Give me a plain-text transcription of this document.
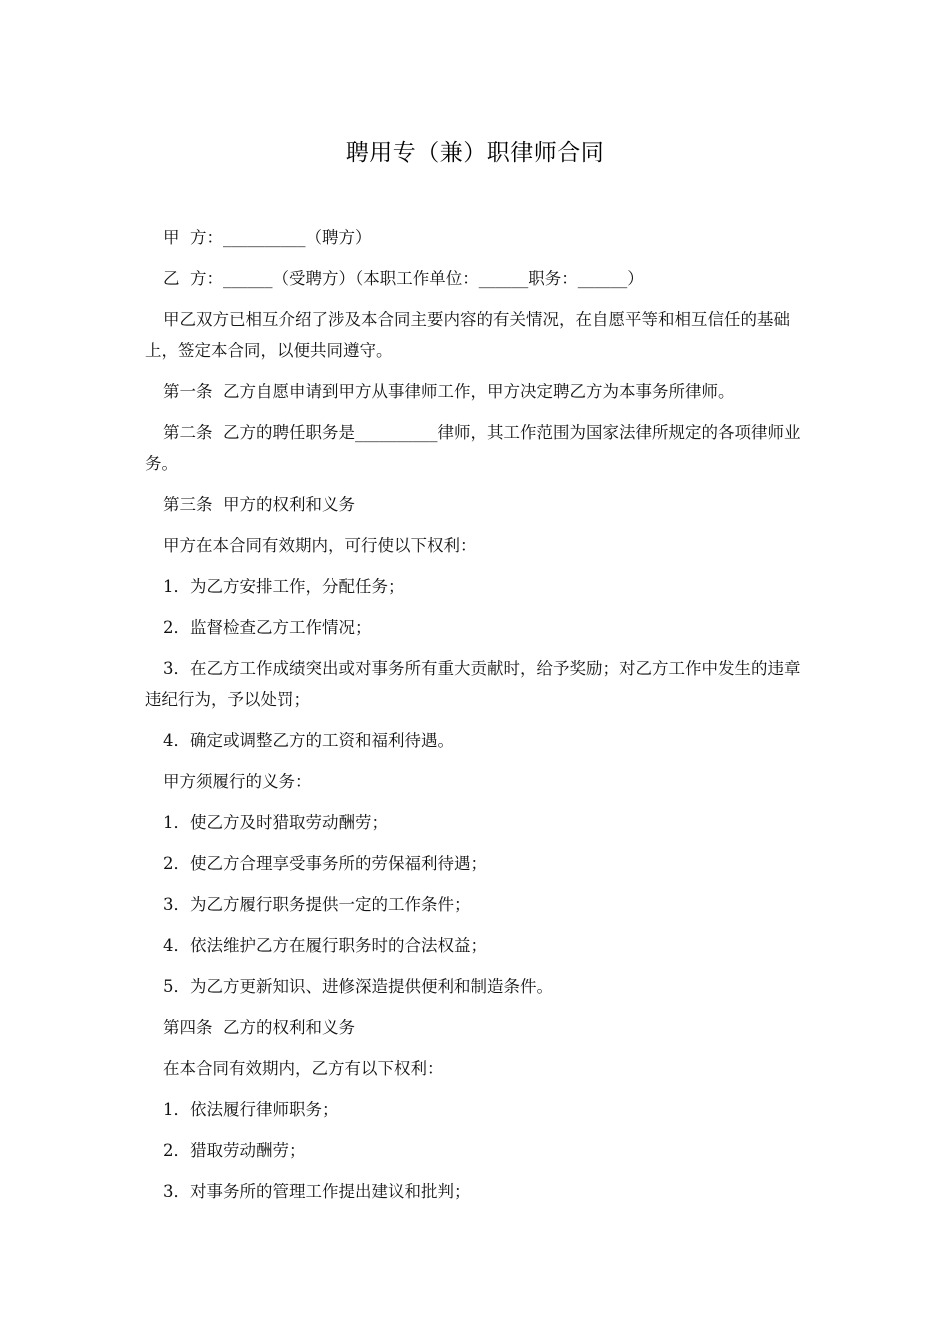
聘用专（兼）职律师合同

甲  方：__________（聘方）

乙  方：______（受聘方）（本职工作单位：______职务：______）

甲乙双方已相互介绍了涉及本合同主要内容的有关情况，在自愿平等和相互信任的基础上，签定本合同，以便共同遵守。

第一条  乙方自愿申请到甲方从事律师工作，甲方决定聘乙方为本事务所律师。

第二条  乙方的聘任职务是__________律师，其工作范围为国家法律所规定的各项律师业务。

第三条  甲方的权利和义务

甲方在本合同有效期内，可行使以下权利：

1．为乙方安排工作，分配任务；

2．监督检查乙方工作情况；

3．在乙方工作成绩突出或对事务所有重大贡献时，给予奖励；对乙方工作中发生的违章违纪行为，予以处罚；

4．确定或调整乙方的工资和福利待遇。

甲方须履行的义务：

1．使乙方及时猎取劳动酬劳；

2．使乙方合理享受事务所的劳保福利待遇；

3．为乙方履行职务提供一定的工作条件；

4．依法维护乙方在履行职务时的合法权益；

5．为乙方更新知识、进修深造提供便利和制造条件。

第四条  乙方的权利和义务

在本合同有效期内，乙方有以下权利：

1．依法履行律师职务；

2．猎取劳动酬劳；

3．对事务所的管理工作提出建议和批判；
